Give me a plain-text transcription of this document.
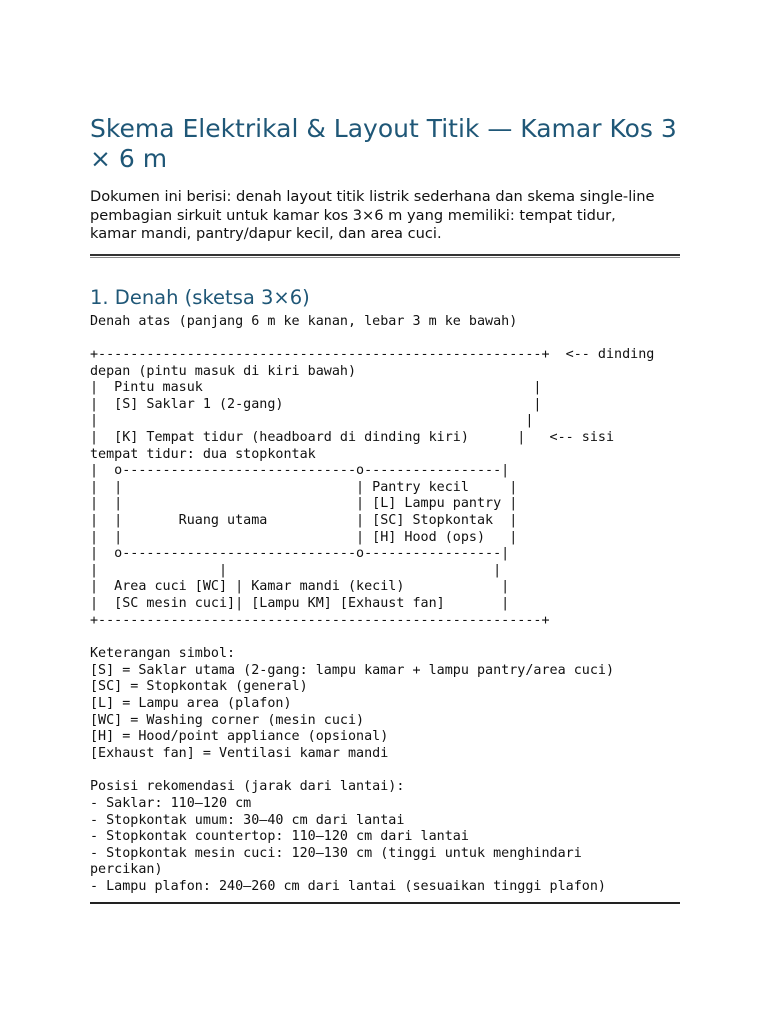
Skema Elektrikal & Layout Titik — Kamar Kos 3 × 6 m

Dokumen ini berisi: denah layout titik listrik sederhana dan skema single-line
pembagian sirkuit untuk kamar kos 3×6 m yang memiliki: tempat tidur,
kamar mandi, pantry/dapur kecil, dan area cuci.

1. Denah (sketsa 3×6)
Denah atas (panjang 6 m ke kanan, lebar 3 m ke bawah)
+-------------------------------------------------------+  <-- dinding
depan (pintu masuk di kiri bawah)
|  Pintu masuk                                         |
|  [S] Saklar 1 (2-gang)                               |
|                                                     |
|  [K] Tempat tidur (headboard di dinding kiri)      |   <-- sisi
tempat tidur: dua stopkontak
|  o-----------------------------o-----------------|
|  |                             | Pantry kecil     |
|  |                             | [L] Lampu pantry |
|  |       Ruang utama           | [SC] Stopkontak  |
|  |                             | [H] Hood (ops)   |
|  o-----------------------------o-----------------|
|               |                                 |
|  Area cuci [WC] | Kamar mandi (kecil)            |
|  [SC mesin cuci]| [Lampu KM] [Exhaust fan]       |
+-------------------------------------------------------+
Keterangan simbol:
[S] = Saklar utama (2-gang: lampu kamar + lampu pantry/area cuci)
[SC] = Stopkontak (general)
[L] = Lampu area (plafon)
[WC] = Washing corner (mesin cuci)
[H] = Hood/point appliance (opsional)
[Exhaust fan] = Ventilasi kamar mandi
Posisi rekomendasi (jarak dari lantai):
- Saklar: 110–120 cm
- Stopkontak umum: 30–40 cm dari lantai
- Stopkontak countertop: 110–120 cm dari lantai
- Stopkontak mesin cuci: 120–130 cm (tinggi untuk menghindari
percikan)
- Lampu plafon: 240–260 cm dari lantai (sesuaikan tinggi plafon)
